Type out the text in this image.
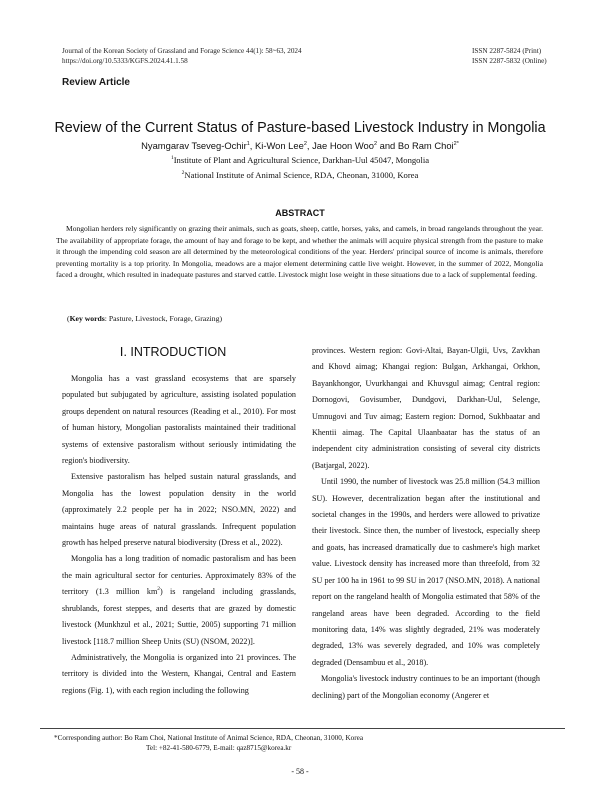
Journal of the Korean Society of Grassland and Forage Science 44(1): 58~63, 2024
https://doi.org/10.5333/KGFS.2024.41.1.58
ISSN 2287-5824 (Print)
ISSN 2287-5832 (Online)
Review Article
Review of the Current Status of Pasture-based Livestock Industry in Mongolia
Nyamgarav Tseveg-Ochir$^1$, Ki-Won Lee$^2$, Jae Hoon Woo$^2$ and Bo Ram Choi$^{2*}$
$^1$Institute of Plant and Agricultural Science, Darkhan-Uul 45047, Mongolia
$^2$National Institute of Animal Science, RDA, Cheonan, 31000, Korea
ABSTRACT
Mongolian herders rely significantly on grazing their animals, such as goats, sheep, cattle, horses, yaks, and camels, in broad rangelands throughout the year. The availability of appropriate forage, the amount of hay and forage to be kept, and whether the animals will acquire physical strength from the pasture to make it through the impending cold season are all determined by the meteorological conditions of the year. Herders' principal source of income is animals, therefore preventing mortality is a top priority. In Mongolia, meadows are a major element determining cattle live weight. However, in the summer of 2022, Mongolia faced a drought, which resulted in inadequate pastures and starved cattle. Livestock might lose weight in these situations due to a lack of supplemental feeding.
(Key words: Pasture, Livestock, Forage, Grazing)
Ⅰ. INTRODUCTION

Mongolia has a vast grassland ecosystems that are sparsely populated but subjugated by agriculture, assisting isolated population groups dependent on natural resources (Reading et al., 2010). For most of human history, Mongolian pastoralists maintained their traditional systems of extensive pastoralism without seriously intimidating the region's biodiversity.

Extensive pastoralism has helped sustain natural grasslands, and Mongolia has the lowest population density in the world (approximately 2.2 people per ha in 2022; NSO.MN, 2022) and maintains huge areas of natural grasslands. Infrequent population growth has helped preserve natural biodiversity (Dress et al., 2022).

Mongolia has a long tradition of nomadic pastoralism and has been the main agricultural sector for centuries. Approximately 83% of the territory (1.3 million $km^2$) is rangeland including grasslands, shrublands, forest steppes, and deserts that are grazed by domestic livestock (Munkhzul et al., 2021; Suttie, 2005) supporting 71 million livestock [118.7 million Sheep Units (SU) (NSOM, 2022)].

Administratively, the Mongolia is organized into 21 provinces. The territory is divided into the Western, Khangai, Central and Eastern regions (Fig. 1), with each region including the following

provinces. Western region: Govi-Altai, Bayan-Ulgii, Uvs, Zavkhan and Khovd aimag; Khangai region: Bulgan, Arkhangai, Orkhon, Bayankhongor, Uvurkhangai and Khuvsgul aimag; Central region: Dornogovi, Govisumber, Dundgovi, Darkhan-Uul, Selenge, Umnugovi and Tuv aimag; Eastern region: Dornod, Sukhbaatar and Khentii aimag. The Capital Ulaanbaatar has the status of an independent city administration consisting of several city districts (Batjargal, 2022).

Until 1990, the number of livestock was 25.8 million (54.3 million SU). However, decentralization began after the institutional and societal changes in the 1990s, and herders were allowed to privatize their livestock. Since then, the number of livestock, especially sheep and goats, has increased dramatically due to cashmere's high market value. Livestock density has increased more than threefold, from 32 SU per 100 ha in 1961 to 99 SU in 2017 (NSO.MN, 2018). A national report on the rangeland health of Mongolia estimated that 58% of the rangeland areas have been degraded. According to the field monitoring data, 14% was slightly degraded, 21% was moderately degraded, 13% was severely degraded, and 10% was completely degraded (Densambuu et al., 2018).

Mongolia's livestock industry continues to be an important (though declining) part of the Mongolian economy (Angerer et

*Corresponding author: Bo Ram Choi, National Institute of Animal Science, RDA, Cheonan, 31000, Korea
Tel: +82-41-580-6779, E-mail: qaz8715@korea.kr
- 58 -
